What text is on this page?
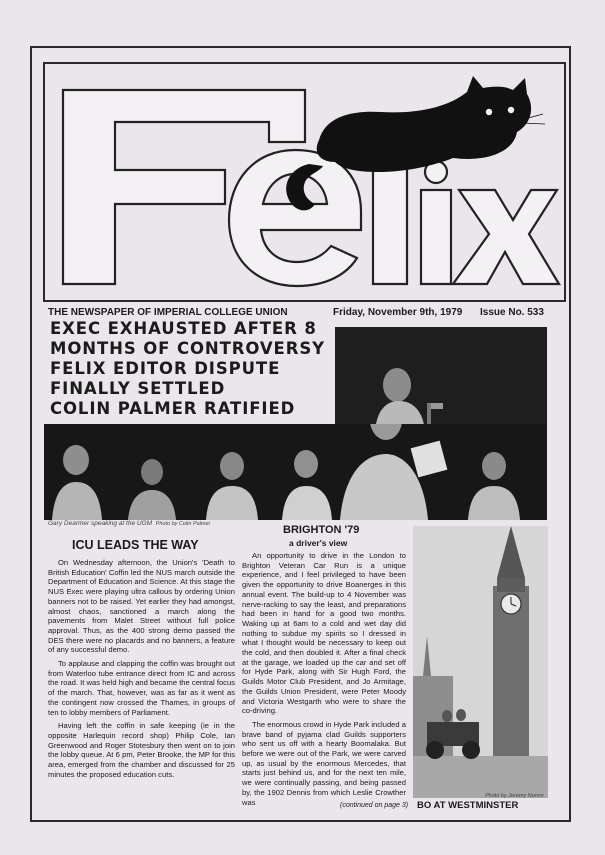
THE NEWSPAPER OF IMPERIAL COLLEGE UNION	Friday, November 9th, 1979 Issue No. 533
EXEC EXHAUSTED AFTER 8
MONTHS OF CONTROVERSY
FELIX EDITOR DISPUTE
FINALLY SETTLED
COLIN PALMER RATIFIED
Gary Dearmer speaking at the UGM Photo by Colin Palmer
ICU LEADS THE WAY

On Wednesday afternoon, the Union's 'Death to British Education' Coffin led the NUS march outside the Department of Education and Science. At this stage the NUS Exec were playing ultra callous by ordering Union banners not to be raised. Yet earlier they had amongst, almost chaos, sanctioned a march along the pavements from Malet Street without full police approval. Thus, as the 400 strong demo passed the DES there were no placards and no banners, a feature of any successful demo.

To applause and clapping the coffin was brought out from Waterloo tube entrance direct from IC and across the road. It was held high and became the central focus of the march. That, however, was as far as it went as the contingent now crossed the Thames, in groups of ten to lobby members of Parliament.

Having left the coffin in safe keeping (ie in the opposite Harlequin record shop) Philip Cole, Ian Greenwood and Roger Stotesbury then went on to join the lobby queue. At 6 pm, Peter Brooke, the MP for this area, emerged from the chamber and discussed for 25 minutes the proposed education cuts.

BRIGHTON '79
a driver's view

An opportunity to drive in the London to Brighton Veteran Car Run is a unique experience, and I feel privileged to have been given the opportunity to drive Boanerges in this annual event. The build-up to 4 November was nerve-racking to say the least, and preparations had been in hand for a good two months. Waking up at 6am to a cold and wet day did nothing to subdue my spirits so I dressed in what I thought would be necessary to keep out the cold, and then doubled it. After a final check at the garage, we loaded up the car and set off for Hyde Park, along with Sir Hugh Ford, the Guilds Motor Club President, and Jo Armitage, the Guilds Union President, were Peter Moody and Victoria Westgarth who were to share the co-driving.

The enormous crowd in Hyde Park included a brave band of pyjama clad Guilds supporters who sent us off with a hearty Boomalaka. But before we were out of the Park, we were carved up, as usual by the enormous Mercedes, that starts just behind us, and for the next ten mile, we were continually passing, and being passed by, the 1902 Dennis from which Leslie Crowther was	(continued on page 3)
Photo by Jeremy Nunns
BO AT WESTMINSTER
